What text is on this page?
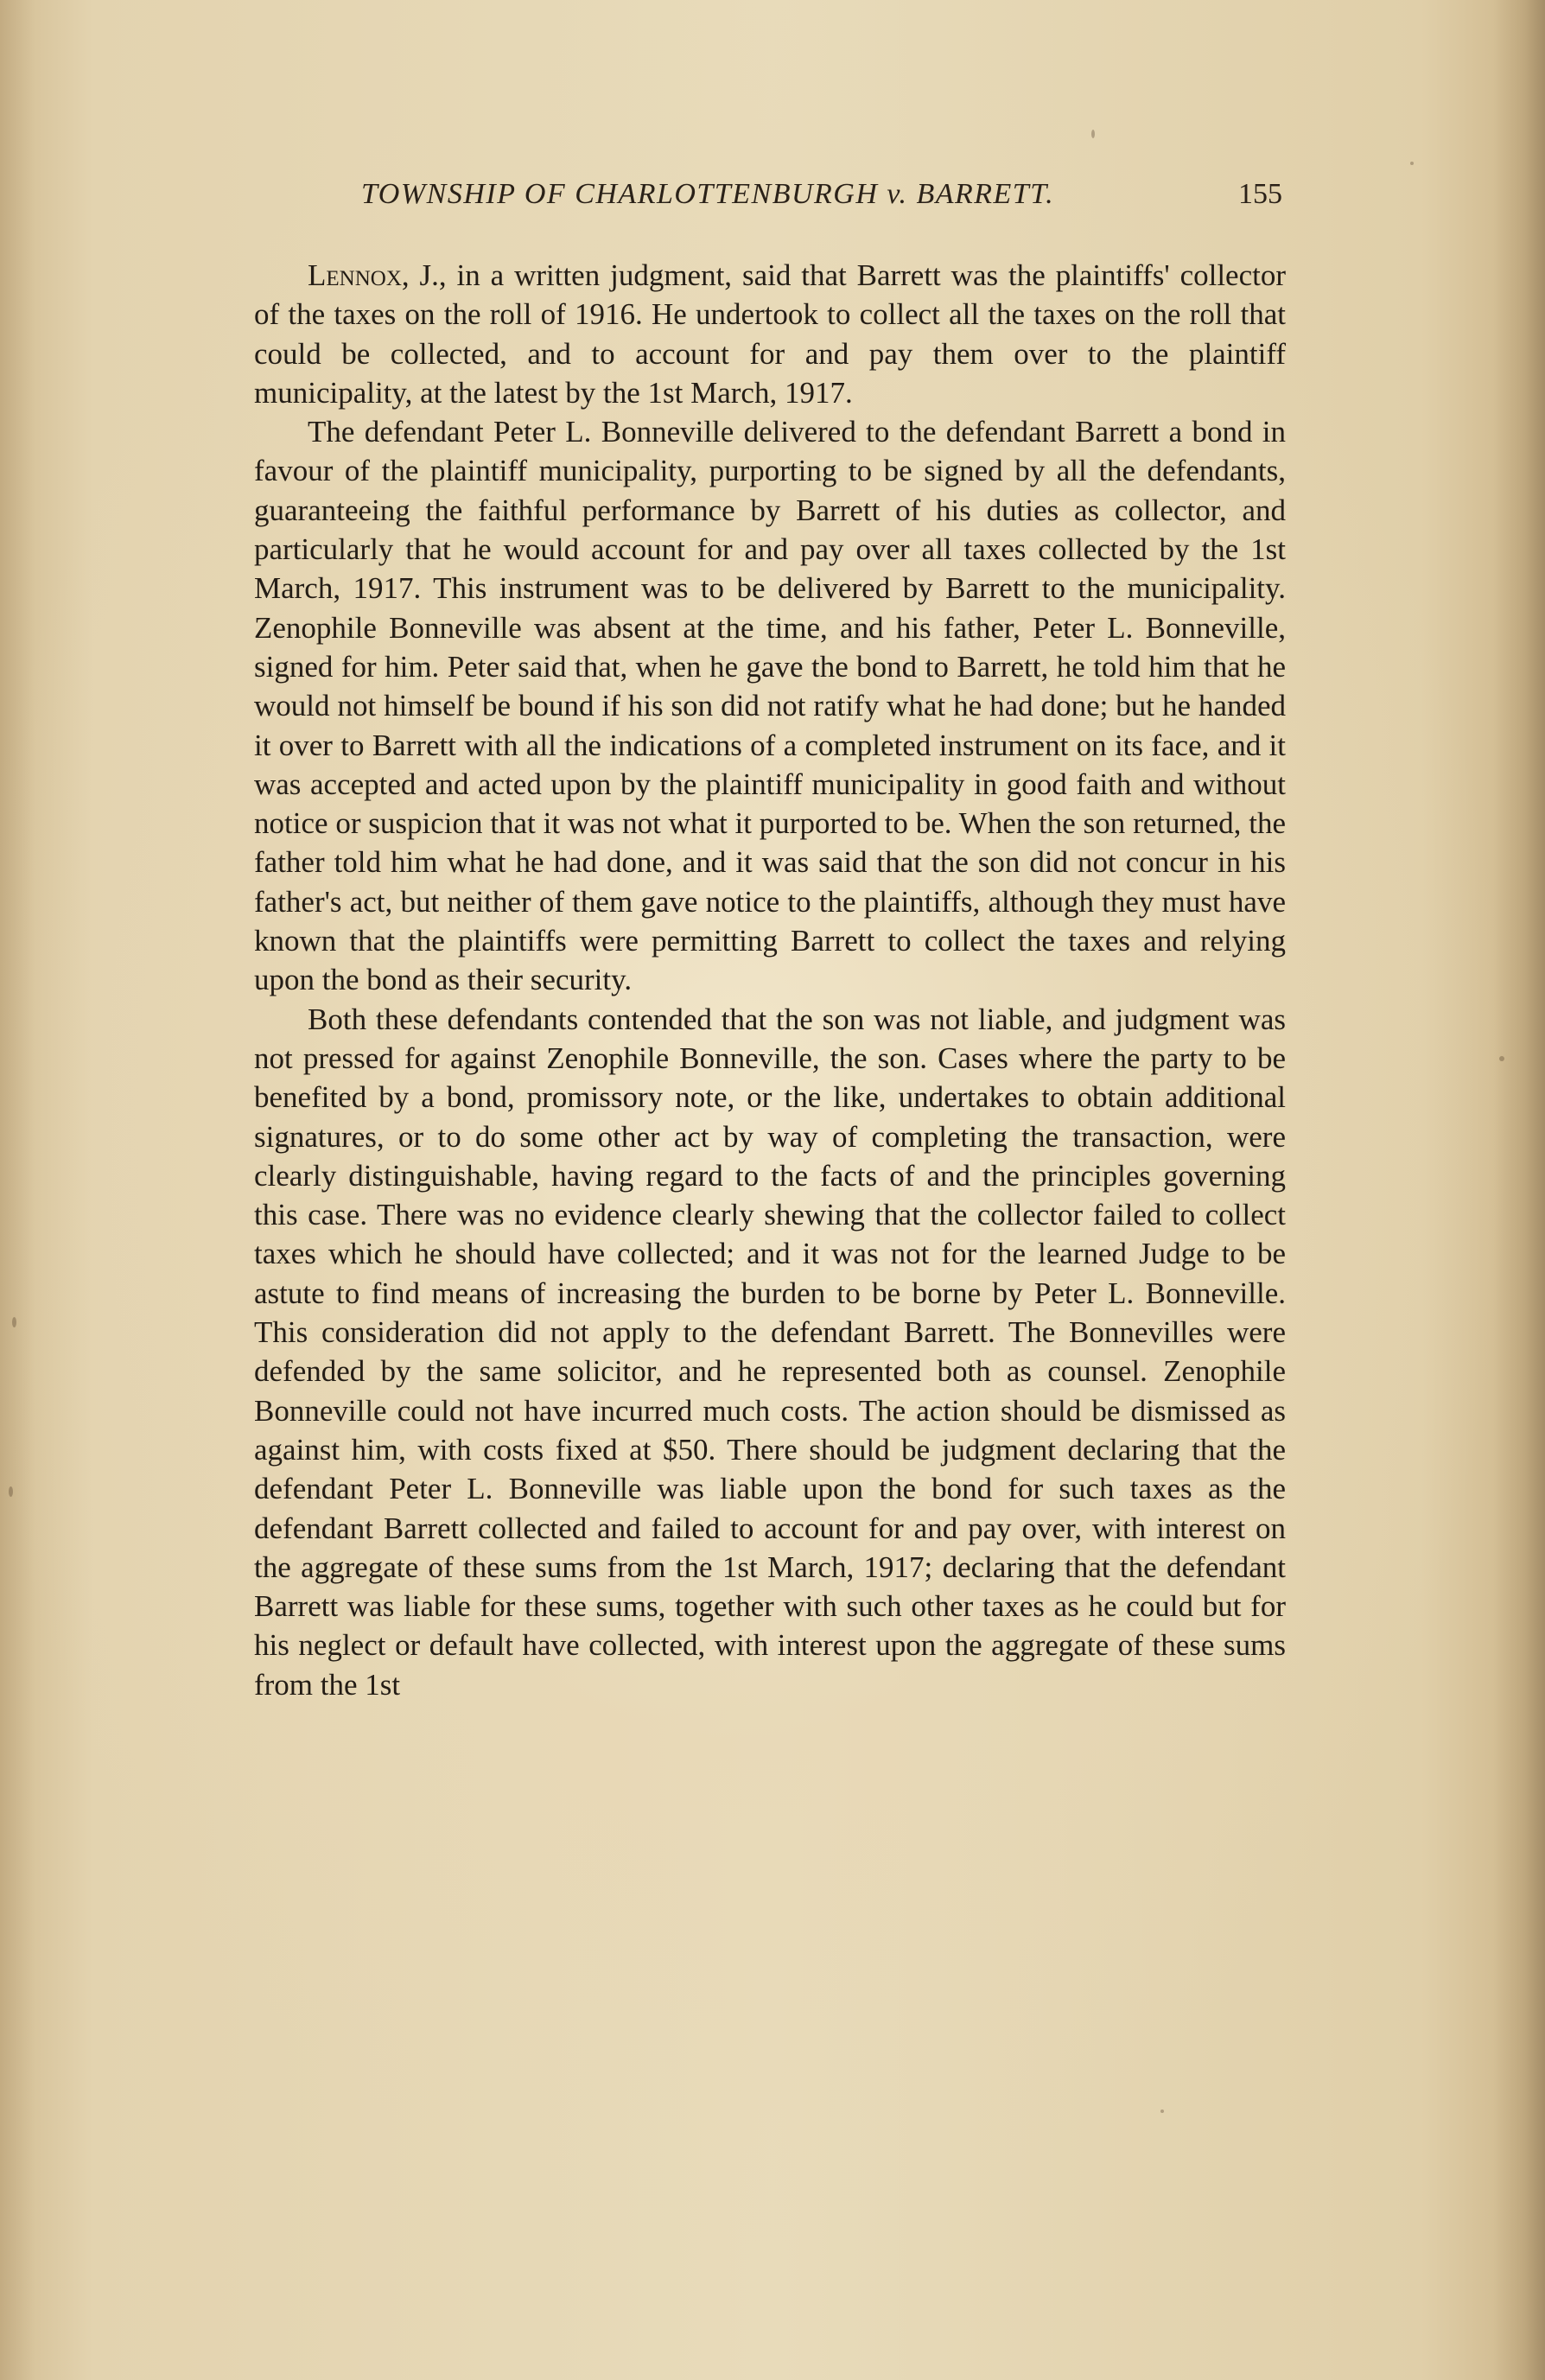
TOWNSHIP OF CHARLOTTENBURGH v. BARRETT.	155

Lennox, J., in a written judgment, said that Barrett was the plaintiffs' collector of the taxes on the roll of 1916. He undertook to collect all the taxes on the roll that could be collected, and to account for and pay them over to the plaintiff municipality, at the latest by the 1st March, 1917.

The defendant Peter L. Bonneville delivered to the defendant Barrett a bond in favour of the plaintiff municipality, purporting to be signed by all the defendants, guaranteeing the faithful performance by Barrett of his duties as collector, and particularly that he would account for and pay over all taxes collected by the 1st March, 1917. This instrument was to be delivered by Barrett to the municipality. Zenophile Bonneville was absent at the time, and his father, Peter L. Bonneville, signed for him. Peter said that, when he gave the bond to Barrett, he told him that he would not himself be bound if his son did not ratify what he had done; but he handed it over to Barrett with all the indications of a completed instrument on its face, and it was accepted and acted upon by the plaintiff municipality in good faith and without notice or suspicion that it was not what it purported to be. When the son returned, the father told him what he had done, and it was said that the son did not concur in his father's act, but neither of them gave notice to the plaintiffs, although they must have known that the plaintiffs were permitting Barrett to collect the taxes and relying upon the bond as their security.

Both these defendants contended that the son was not liable, and judgment was not pressed for against Zenophile Bonneville, the son. Cases where the party to be benefited by a bond, promissory note, or the like, undertakes to obtain additional signatures, or to do some other act by way of completing the transaction, were clearly distinguishable, having regard to the facts of and the principles governing this case. There was no evidence clearly shewing that the collector failed to collect taxes which he should have collected; and it was not for the learned Judge to be astute to find means of increasing the burden to be borne by Peter L. Bonneville. This consideration did not apply to the defendant Barrett. The Bonnevilles were defended by the same solicitor, and he represented both as counsel. Zenophile Bonneville could not have incurred much costs. The action should be dismissed as against him, with costs fixed at $50. There should be judgment declaring that the defendant Peter L. Bonneville was liable upon the bond for such taxes as the defendant Barrett collected and failed to account for and pay over, with interest on the aggregate of these sums from the 1st March, 1917; declaring that the defendant Barrett was liable for these sums, together with such other taxes as he could but for his neglect or default have collected, with interest upon the aggregate of these sums from the 1st
